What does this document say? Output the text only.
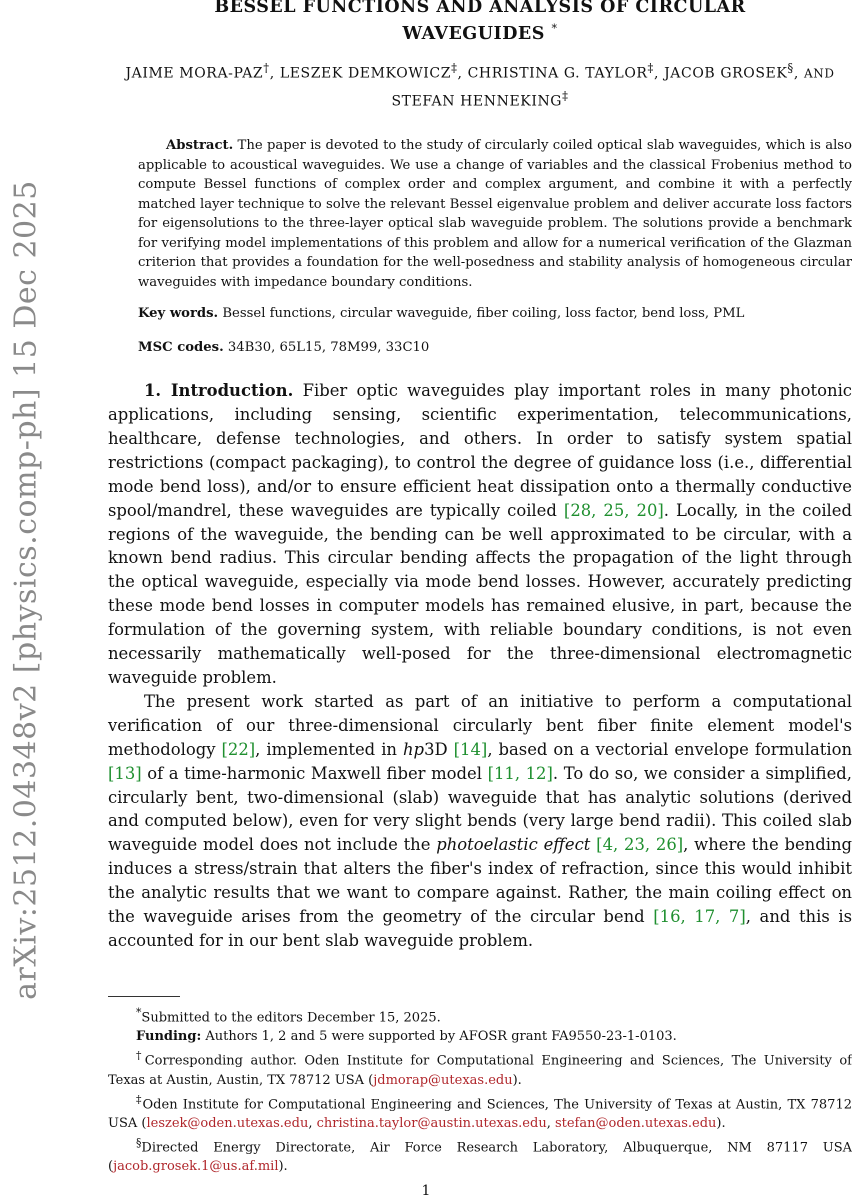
arXiv:2512.04348v2 [physics.comp-ph] 15 Dec 2025
BESSEL FUNCTIONS AND ANALYSIS OF CIRCULAR WAVEGUIDES *
JAIME MORA-PAZ†, LESZEK DEMKOWICZ‡, CHRISTINA G. TAYLOR‡, JACOB GROSEK§, AND STEFAN HENNEKING‡
Abstract. The paper is devoted to the study of circularly coiled optical slab waveguides, which is also applicable to acoustical waveguides. We use a change of variables and the classical Frobenius method to compute Bessel functions of complex order and complex argument, and combine it with a perfectly matched layer technique to solve the relevant Bessel eigenvalue problem and deliver accurate loss factors for eigensolutions to the three-layer optical slab waveguide problem. The solutions provide a benchmark for verifying model implementations of this problem and allow for a numerical verification of the Glazman criterion that provides a foundation for the well-posedness and stability analysis of homogeneous circular waveguides with impedance boundary conditions.
Key words. Bessel functions, circular waveguide, fiber coiling, loss factor, bend loss, PML
MSC codes. 34B30, 65L15, 78M99, 33C10

1. Introduction. Fiber optic waveguides play important roles in many photonic applications, including sensing, scientific experimentation, telecommunications, healthcare, defense technologies, and others. In order to satisfy system spatial restrictions (compact packaging), to control the degree of guidance loss (i.e., differential mode bend loss), and/or to ensure efficient heat dissipation onto a thermally conductive spool/mandrel, these waveguides are typically coiled [28, 25, 20]. Locally, in the coiled regions of the waveguide, the bending can be well approximated to be circular, with a known bend radius. This circular bending affects the propagation of the light through the optical waveguide, especially via mode bend losses. However, accurately predicting these mode bend losses in computer models has remained elusive, in part, because the formulation of the governing system, with reliable boundary conditions, is not even necessarily mathematically well-posed for the three-dimensional electromagnetic waveguide problem.

The present work started as part of an initiative to perform a computational verification of our three-dimensional circularly bent fiber finite element model's methodology [22], implemented in hp3D [14], based on a vectorial envelope formulation [13] of a time-harmonic Maxwell fiber model [11, 12]. To do so, we consider a simplified, circularly bent, two-dimensional (slab) waveguide that has analytic solutions (derived and computed below), even for very slight bends (very large bend radii). This coiled slab waveguide model does not include the photoelastic effect [4, 23, 26], where the bending induces a stress/strain that alters the fiber's index of refraction, since this would inhibit the analytic results that we want to compare against. Rather, the main coiling effect on the waveguide arises from the geometry of the circular bend [16, 17, 7], and this is accounted for in our bent slab waveguide problem.

*Submitted to the editors December 15, 2025.

Funding: Authors 1, 2 and 5 were supported by AFOSR grant FA9550-23-1-0103.

†Corresponding author. Oden Institute for Computational Engineering and Sciences, The University of Texas at Austin, Austin, TX 78712 USA (jdmorap@utexas.edu).

‡Oden Institute for Computational Engineering and Sciences, The University of Texas at Austin, TX 78712 USA (leszek@oden.utexas.edu, christina.taylor@austin.utexas.edu, stefan@oden.utexas.edu).

§Directed Energy Directorate, Air Force Research Laboratory, Albuquerque, NM 87117 USA (jacob.grosek.1@us.af.mil).

1
